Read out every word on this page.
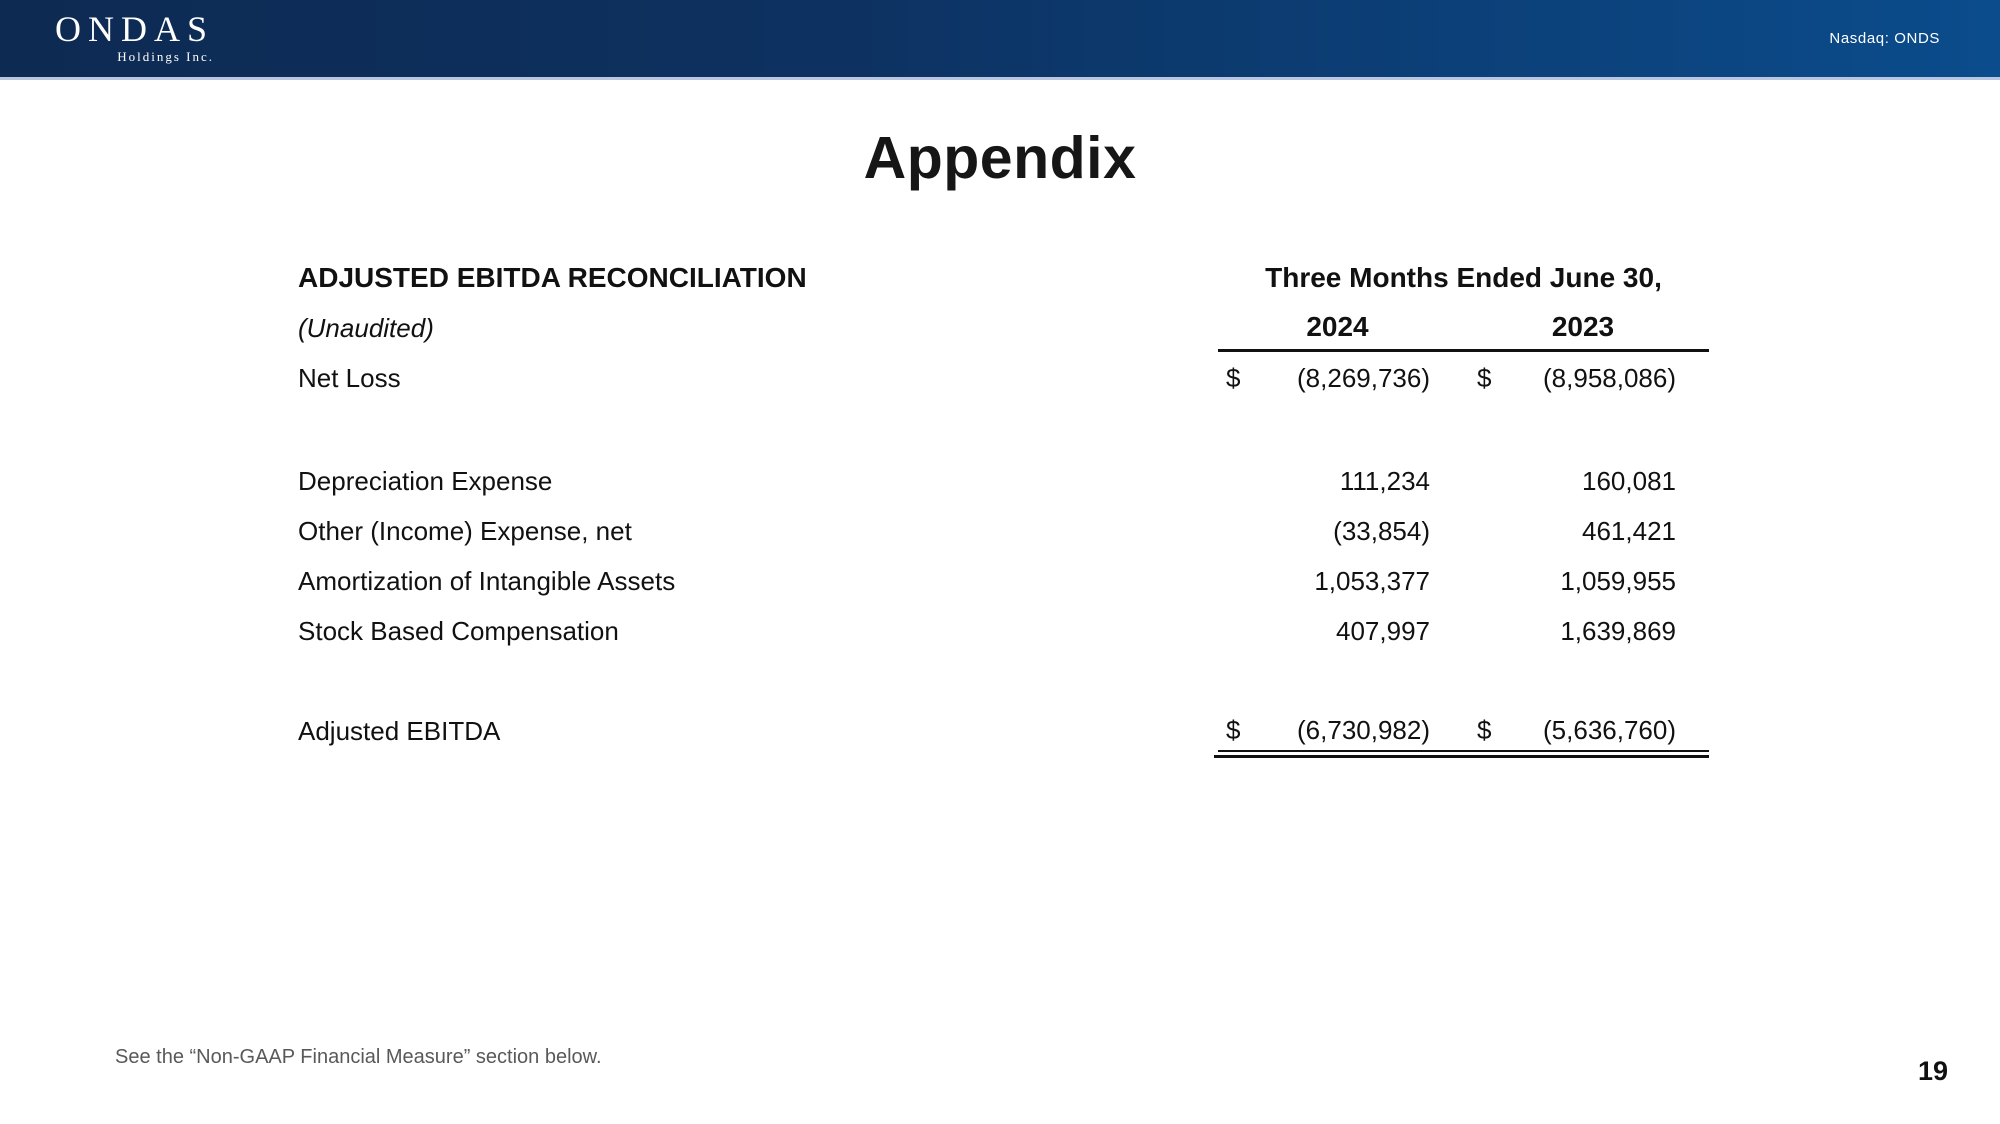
ONDAS
Holdings Inc.
Nasdaq: ONDS
Appendix
ADJUSTED EBITDA RECONCILIATION	Three Months Ended June 30,
(Unaudited)	2024	2023
Net Loss	$	(8,269,736)	$	(8,958,086)
Depreciation Expense	111,234	160,081
Other (Income) Expense, net	(33,854)	461,421
Amortization of Intangible Assets	1,053,377	1,059,955
Stock Based Compensation	407,997	1,639,869
Adjusted EBITDA	$	(6,730,982)	$	(5,636,760)
See the “Non-GAAP Financial Measure” section below.	19
